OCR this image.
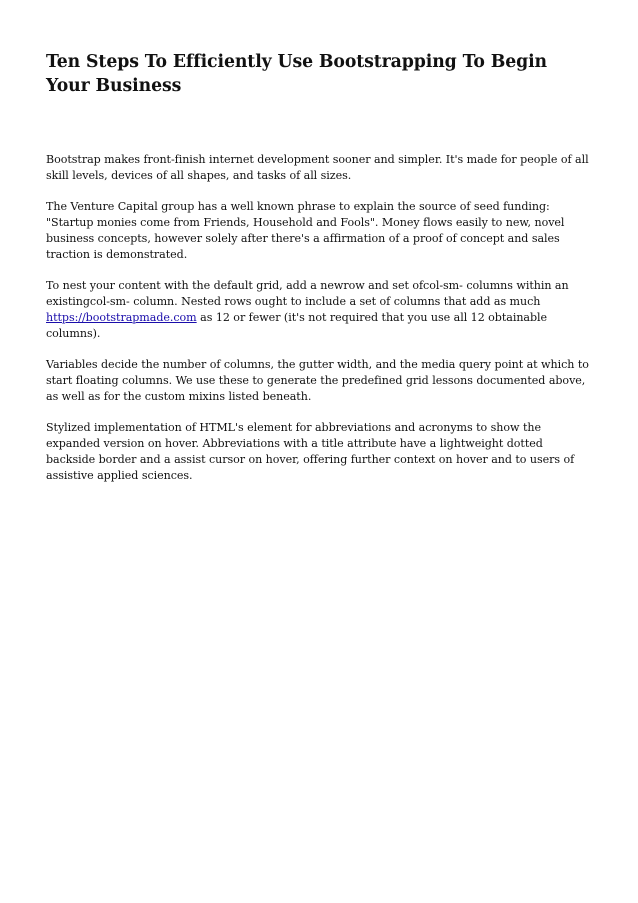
Ten Steps To Efficiently Use Bootstrapping To Begin Your Business

Bootstrap makes front-finish internet development sooner and simpler. It's made for people of all skill levels, devices of all shapes, and tasks of all sizes.

The Venture Capital group has a well known phrase to explain the source of seed funding: "Startup monies come from Friends, Household and Fools". Money flows easily to new, novel business concepts, however solely after there's a affirmation of a proof of concept and sales traction is demonstrated.

To nest your content with the default grid, add a newrow and set ofcol-sm- columns within an existingcol-sm- column. Nested rows ought to include a set of columns that add as much https://bootstrapmade.com as 12 or fewer (it's not required that you use all 12 obtainable columns).

Variables decide the number of columns, the gutter width, and the media query point at which to start floating columns. We use these to generate the predefined grid lessons documented above, as well as for the custom mixins listed beneath.

Stylized implementation of HTML's element for abbreviations and acronyms to show the expanded version on hover. Abbreviations with a title attribute have a lightweight dotted backside border and a assist cursor on hover, offering further context on hover and to users of assistive applied sciences.
